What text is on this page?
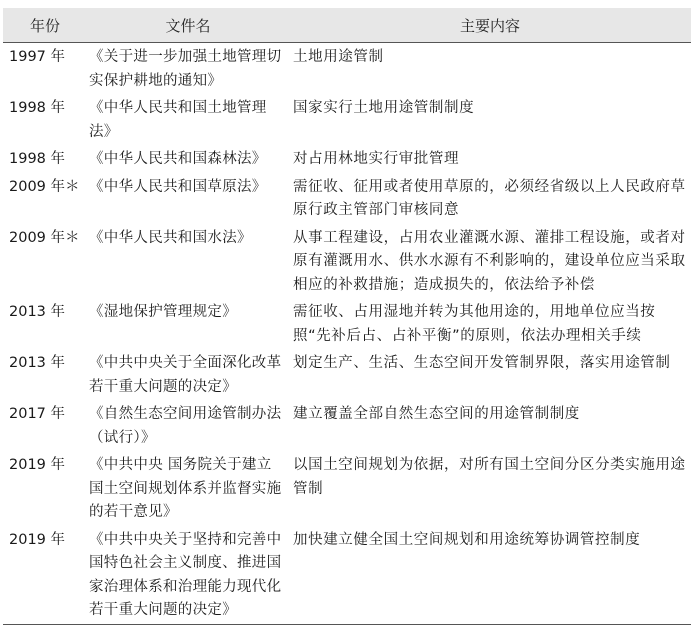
年份	文件名	主要内容

1997 年	《关于进一步加强土地管理切实保护耕地的通知》	土地用途管制

1998 年	《中华人民共和国土地管理法》	国家实行土地用途管制制度

1998 年	《中华人民共和国森林法》	对占用林地实行审批管理

2009 年＊	《中华人民共和国草原法》	需征收、征用或者使用草原的，必须经省级以上人民政府草原行政主管部门审核同意

2009 年＊	《中华人民共和国水法》	从事工程建设，占用农业灌溉水源、灌排工程设施，或者对原有灌溉用水、供水水源有不利影响的，建设单位应当采取相应的补救措施；造成损失的，依法给予补偿

2013 年	《湿地保护管理规定》	需征收、占用湿地并转为其他用途的，用地单位应当按照“先补后占、占补平衡”的原则，依法办理相关手续

2013 年	《中共中央关于全面深化改革若干重大问题的决定》	划定生产、生活、生态空间开发管制界限，落实用途管制

2017 年	《自然生态空间用途管制办法（试行）》	建立覆盖全部自然生态空间的用途管制制度

2019 年	《中共中央 国务院关于建立国土空间规划体系并监督实施的若干意见》	以国土空间规划为依据，对所有国土空间分区分类实施用途管制

2019 年	《中共中央关于坚持和完善中国特色社会主义制度、推进国家治理体系和治理能力现代化若干重大问题的决定》	加快建立健全国土空间规划和用途统筹协调管控制度
